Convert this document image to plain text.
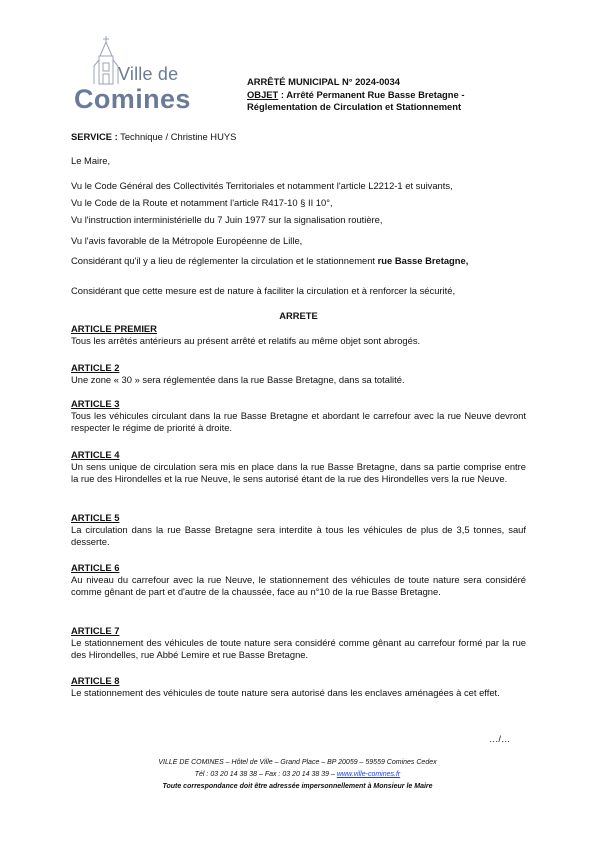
Ville de
Comines
ARRÊTÉ MUNICIPAL N° 2024-0034
OBJET : Arrêté Permanent Rue Basse Bretagne -
Réglementation de Circulation et Stationnement
SERVICE : Technique / Christine HUYS
Le Maire,
Vu le Code Général des Collectivités Territoriales et notamment l'article L2212-1 et suivants,
Vu le Code de la Route et notamment l'article R417-10 § II 10°,
Vu l'instruction interministérielle du 7 Juin 1977 sur la signalisation routière,
Vu l'avis favorable de la Métropole Européenne de Lille,
Considérant qu'il y a lieu de réglementer la circulation et le stationnement rue Basse Bretagne,
Considérant que cette mesure est de nature à faciliter la circulation et à renforcer la sécurité,
ARRETE
ARTICLE PREMIER
Tous les arrêtés antérieurs au présent arrêté et relatifs au même objet sont abrogés.
ARTICLE 2
Une zone « 30 » sera réglementée dans la rue Basse Bretagne, dans sa totalité.
ARTICLE 3
Tous les véhicules circulant dans la rue Basse Bretagne et abordant le carrefour avec la rue Neuve devront respecter le régime de priorité à droite.
ARTICLE 4
Un sens unique de circulation sera mis en place dans la rue Basse Bretagne, dans sa partie comprise entre la rue des Hirondelles et la rue Neuve, le sens autorisé étant de la rue des Hirondelles vers la rue Neuve.
ARTICLE 5
La circulation dans la rue Basse Bretagne sera interdite à tous les véhicules de plus de 3,5 tonnes, sauf desserte.
ARTICLE 6
Au niveau du carrefour avec la rue Neuve, le stationnement des véhicules de toute nature sera considéré comme gênant de part et d'autre de la chaussée, face au n°10 de la rue Basse Bretagne.
ARTICLE 7
Le stationnement des véhicules de toute nature sera considéré comme gênant au carrefour formé par la rue des Hirondelles, rue Abbé Lemire et rue Basse Bretagne.
ARTICLE 8
Le stationnement des véhicules de toute nature sera autorisé dans les enclaves aménagées à cet effet.
…/…
VILLE DE COMINES – Hôtel de Ville – Grand Place – BP 20059 – 59559 Comines Cedex
Tél : 03 20 14 38 38 – Fax : 03 20 14 38 39 – www.ville-comines.fr
Toute correspondance doit être adressée impersonnellement à Monsieur le Maire
